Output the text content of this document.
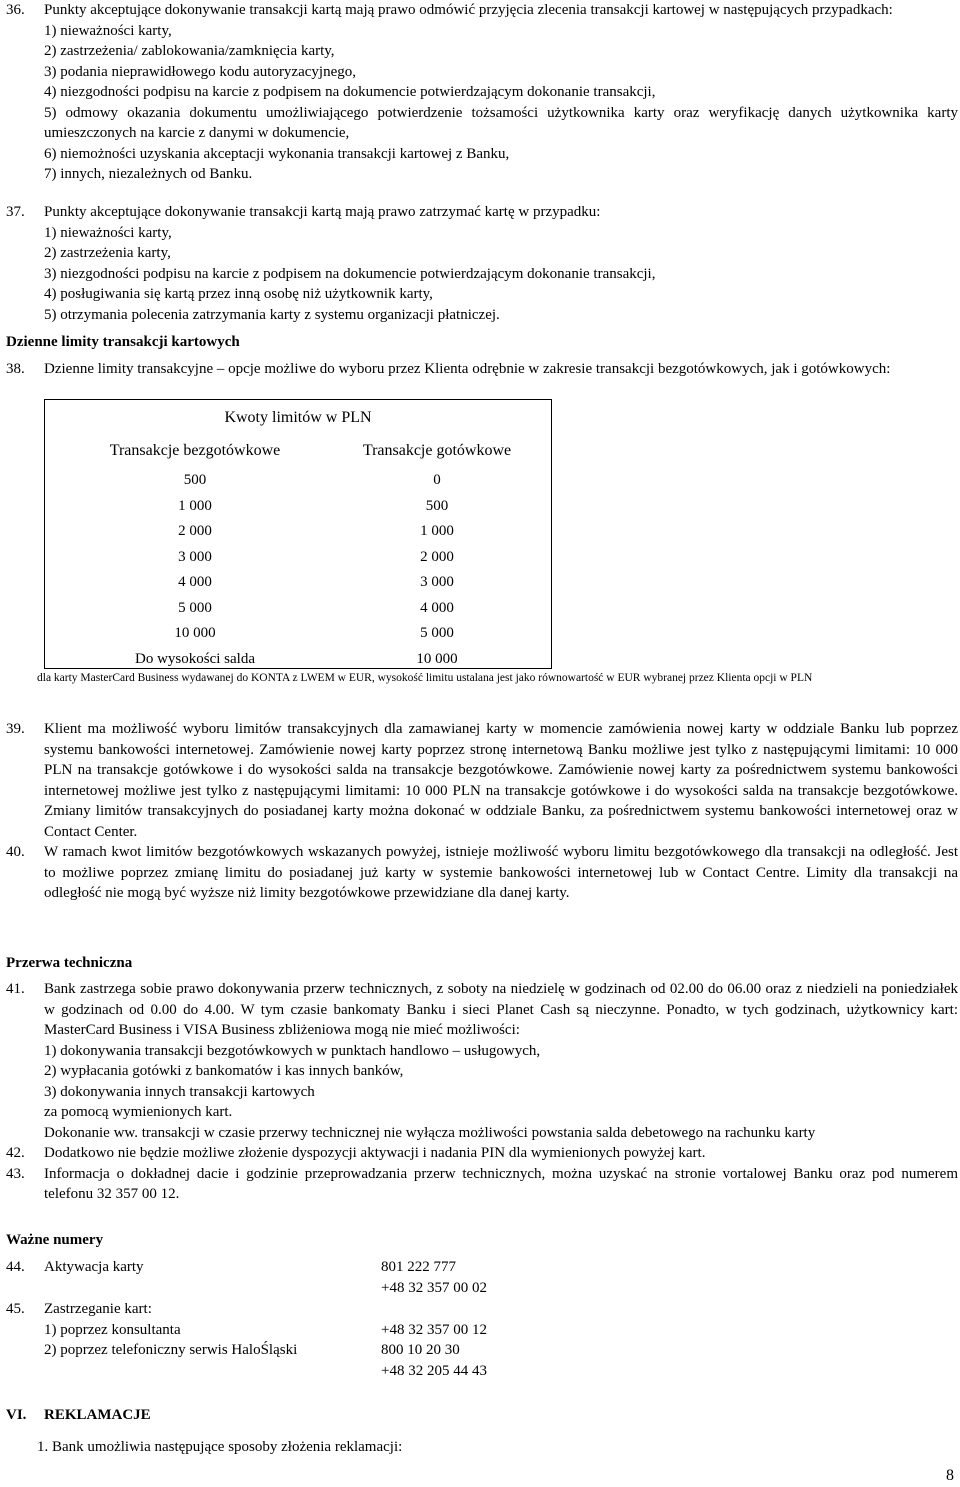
36. Punkty akceptujące dokonywanie transakcji kartą mają prawo odmówić przyjęcia zlecenia transakcji kartowej w następujących przypadkach:
1) nieważności karty,
2) zastrzeżenia/ zablokowania/zamknięcia karty,
3) podania nieprawidłowego kodu autoryzacyjnego,
4) niezgodności podpisu na karcie z podpisem na dokumencie potwierdzającym dokonanie transakcji,
5) odmowy okazania dokumentu umożliwiającego potwierdzenie tożsamości użytkownika karty oraz weryfikację danych użytkownika karty umieszczonych na karcie z danymi w dokumencie,
6) niemożności uzyskania akceptacji wykonania transakcji kartowej z Banku,
7) innych, niezależnych od Banku.
37. Punkty akceptujące dokonywanie transakcji kartą mają prawo zatrzymać kartę w przypadku:
1) nieważności karty,
2) zastrzeżenia karty,
3) niezgodności podpisu na karcie z podpisem na dokumencie potwierdzającym dokonanie transakcji,
4) posługiwania się kartą przez inną osobę niż użytkownik karty,
5) otrzymania polecenia zatrzymania karty z systemu organizacji płatniczej.
Dzienne limity transakcji kartowych
38. Dzienne limity transakcyjne – opcje możliwe do wyboru przez Klienta odrębnie w zakresie transakcji bezgotówkowych, jak i gotówkowych:
Kwoty limitów w PLN
Transakcje bezgotówkowe	Transakcje gotówkowe
500	0
1 000	500
2 000	1 000
3 000	2 000
4 000	3 000
5 000	4 000
10 000	5 000
Do wysokości salda	10 000
dla karty MasterCard Business wydawanej do KONTA z LWEM w EUR, wysokość limitu ustalana jest jako równowartość w EUR wybranej przez Klienta opcji w PLN
39. Klient ma możliwość wyboru limitów transakcyjnych dla zamawianej karty w momencie zamówienia nowej karty w oddziale Banku lub poprzez systemu bankowości internetowej. Zamówienie nowej karty poprzez stronę internetową Banku możliwe jest tylko z następującymi limitami: 10 000 PLN na transakcje gotówkowe i do wysokości salda na transakcje bezgotówkowe. Zamówienie nowej karty za pośrednictwem systemu bankowości internetowej możliwe jest tylko z następującymi limitami: 10 000 PLN na transakcje gotówkowe i do wysokości salda na transakcje bezgotówkowe. Zmiany limitów transakcyjnych do posiadanej karty można dokonać w oddziale Banku, za pośrednictwem systemu bankowości internetowej oraz w Contact Center.
40. W ramach kwot limitów bezgotówkowych wskazanych powyżej, istnieje możliwość wyboru limitu bezgotówkowego dla transakcji na odległość. Jest to możliwe poprzez zmianę limitu do posiadanej już karty w systemie bankowości internetowej lub w Contact Centre. Limity dla transakcji na odległość nie mogą być wyższe niż limity bezgotówkowe przewidziane dla danej karty.
Przerwa techniczna
41. Bank zastrzega sobie prawo dokonywania przerw technicznych, z soboty na niedzielę w godzinach od 02.00 do 06.00 oraz z niedzieli na poniedziałek w godzinach od 0.00 do 4.00. W tym czasie bankomaty Banku i sieci Planet Cash są nieczynne. Ponadto, w tych godzinach, użytkownicy kart: MasterCard Business i VISA Business zbliżeniowa mogą nie mieć możliwości:
1) dokonywania transakcji bezgotówkowych w punktach handlowo – usługowych,
2) wypłacania gotówki z bankomatów i kas innych banków,
3) dokonywania innych transakcji kartowych
za pomocą wymienionych kart.
Dokonanie ww. transakcji w czasie przerwy technicznej nie wyłącza możliwości powstania salda debetowego na rachunku karty
42. Dodatkowo nie będzie możliwe złożenie dyspozycji aktywacji i nadania PIN dla wymienionych powyżej kart.
43. Informacja o dokładnej dacie i godzinie przeprowadzania przerw technicznych, można uzyskać na stronie vortalowej Banku oraz pod numerem telefonu 32 357 00 12.
Ważne numery
44. Aktywacja karty	801 222 777
+48 32 357 00 02
45. Zastrzeganie kart:
1) poprzez konsultanta	+48 32 357 00 12
2) poprzez telefoniczny serwis HaloŚląski	800 10 20 30
+48 32 205 44 43
VI. REKLAMACJE
1. Bank umożliwia następujące sposoby złożenia reklamacji:
8
